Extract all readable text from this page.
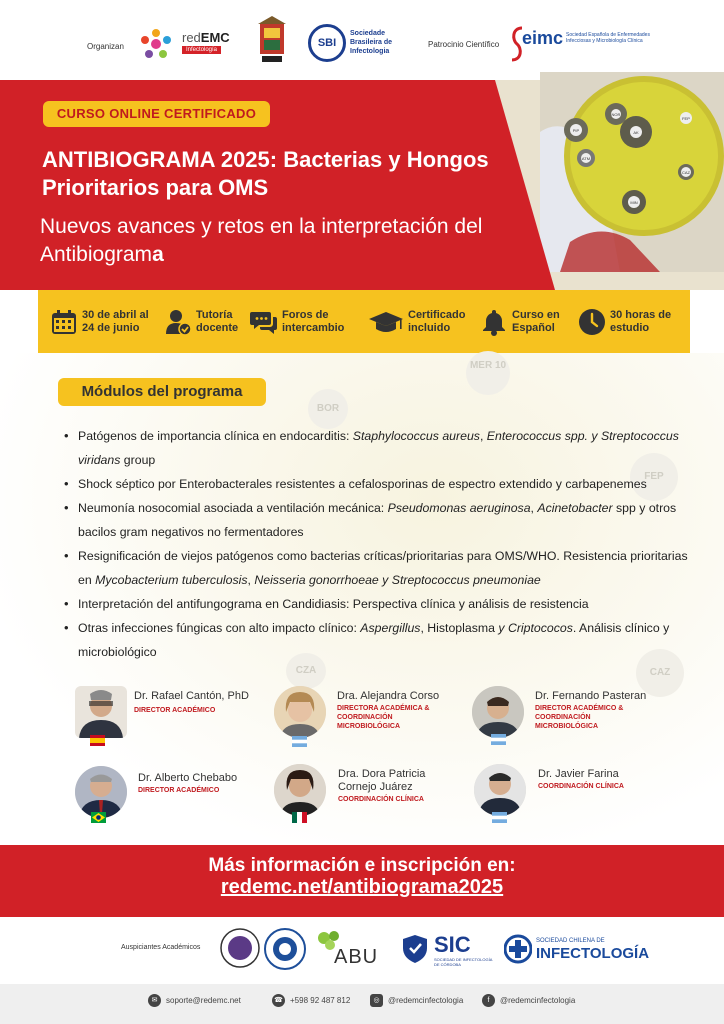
Organizan
redEMC
Infectología
SBI
Sociedade Brasileira de Infectologia
Patrocinio Científico eimc Sociedad Española de Enfermedades Infecciosas y Microbiología Clínica
NOR
FEP
PIP
CAZ
AK
MIN
ATM
CURSO ONLINE CERTIFICADO
ANTIBIOGRAMA 2025: Bacterias y Hongos Prioritarios para OMS
Nuevos avances y retos en la interpretación del Antibiograma
30 de abril al 24 de junio
Tutoría docente
Foros de intercambio
Certificado incluido
Curso en Español
30 horas de estudio
MER 10
BOR
FEP
CZA	CAZ
Módulos del programa
• Patógenos de importancia clínica en endocarditis: Staphylococcus aureus, Enterococcus spp. y Streptococcus viridans group
• Shock séptico por Enterobacterales resistentes a cefalosporinas de espectro extendido y carbapenemes
• Neumonía nosocomial asociada a ventilación mecánica: Pseudomonas aeruginosa, Acinetobacter spp y otros bacilos gram negativos no fermentadores
• Resignificación de viejos patógenos como bacterias críticas/prioritarias para OMS/WHO. Resistencia prioritarias en Mycobacterium tuberculosis, Neisseria gonorrhoeae y Streptococcus pneumoniae
• Interpretación del antifungograma en Candidiasis: Perspectiva clínica y análisis de resistencia
• Otras infecciones fúngicas con alto impacto clínico: Aspergillus, Histoplasma y Criptococos. Análisis clínico y microbiológico
Dr. Rafael Cantón, PhD
DIRECTOR ACADÉMICO
Dra. Alejandra Corso
DIRECTORA ACADÉMICA & COORDINACIÓN MICROBIOLÓGICA
Dr. Fernando Pasteran
DIRECTOR ACADÉMICO & COORDINACIÓN MICROBIOLÓGICA
Dr. Alberto Chebabo
DIRECTOR ACADÉMICO
Dra. Dora Patricia Cornejo Juárez
COORDINACIÓN CLÍNICA
Dr. Javier Farina
COORDINACIÓN CLÍNICA
Más información e inscripción en:
redemc.net/antibiograma2025
Auspiciantes Académicos	ABU	SIC
SOCIEDAD DE INFECTOLOGÍA DE CÓRDOBA
SOCIEDAD CHILENA DE
INFECTOLOGÍA
✉	soporte@redemc.net	☎ +598 92 487 812	◎	@redemcinfectologia	f	@redemcinfectologia
